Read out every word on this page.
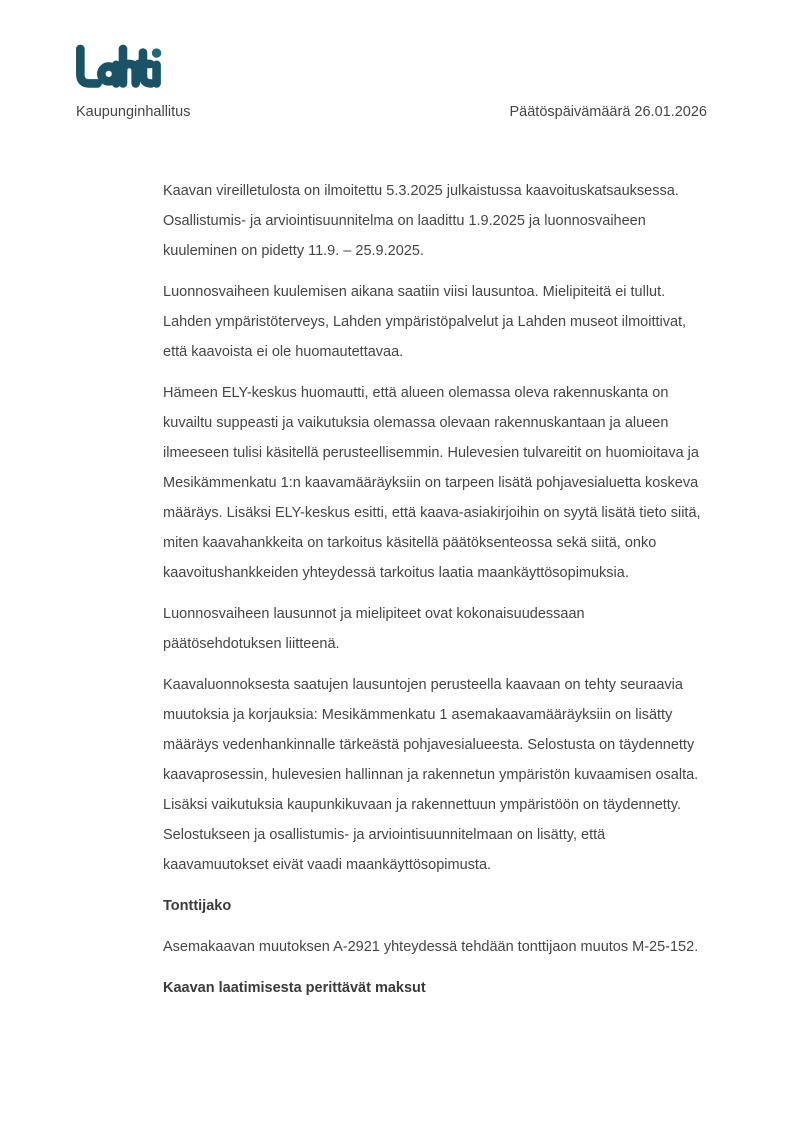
Kaupunginhallitus	Päätöspäivämäärä 26.01.2026
Kaavan vireilletulosta on ilmoitettu 5.3.2025 julkaistussa kaavoituskatsauksessa.
Osallistumis- ja arviointisuunnitelma on laadittu 1.9.2025 ja luonnosvaiheen
kuuleminen on pidetty 11.9. – 25.9.2025.
Luonnosvaiheen kuulemisen aikana saatiin viisi lausuntoa. Mielipiteitä ei tullut.
Lahden ympäristöterveys, Lahden ympäristöpalvelut ja Lahden museot ilmoittivat,
että kaavoista ei ole huomautettavaa.
Hämeen ELY-keskus huomautti, että alueen olemassa oleva rakennuskanta on
kuvailtu suppeasti ja vaikutuksia olemassa olevaan rakennuskantaan ja alueen
ilmeeseen tulisi käsitellä perusteellisemmin. Hulevesien tulvareitit on huomioitava ja
Mesikämmenkatu 1:n kaavamääräyksiin on tarpeen lisätä pohjavesialuetta koskeva
määräys. Lisäksi ELY-keskus esitti, että kaava-asiakirjoihin on syytä lisätä tieto siitä,
miten kaavahankkeita on tarkoitus käsitellä päätöksenteossa sekä siitä, onko
kaavoitushankkeiden yhteydessä tarkoitus laatia maankäyttösopimuksia.
Luonnosvaiheen lausunnot ja mielipiteet ovat kokonaisuudessaan
päätösehdotuksen liitteenä.
Kaavaluonnoksesta saatujen lausuntojen perusteella kaavaan on tehty seuraavia
muutoksia ja korjauksia: Mesikämmenkatu 1 asemakaavamääräyksiin on lisätty
määräys vedenhankinnalle tärkeästä pohjavesialueesta. Selostusta on täydennetty
kaavaprosessin, hulevesien hallinnan ja rakennetun ympäristön kuvaamisen osalta.
Lisäksi vaikutuksia kaupunkikuvaan ja rakennettuun ympäristöön on täydennetty.
Selostukseen ja osallistumis- ja arviointisuunnitelmaan on lisätty, että
kaavamuutokset eivät vaadi maankäyttösopimusta.
Tonttijako
Asemakaavan muutoksen A-2921 yhteydessä tehdään tonttijaon muutos M-25-152.
Kaavan laatimisesta perittävät maksut
